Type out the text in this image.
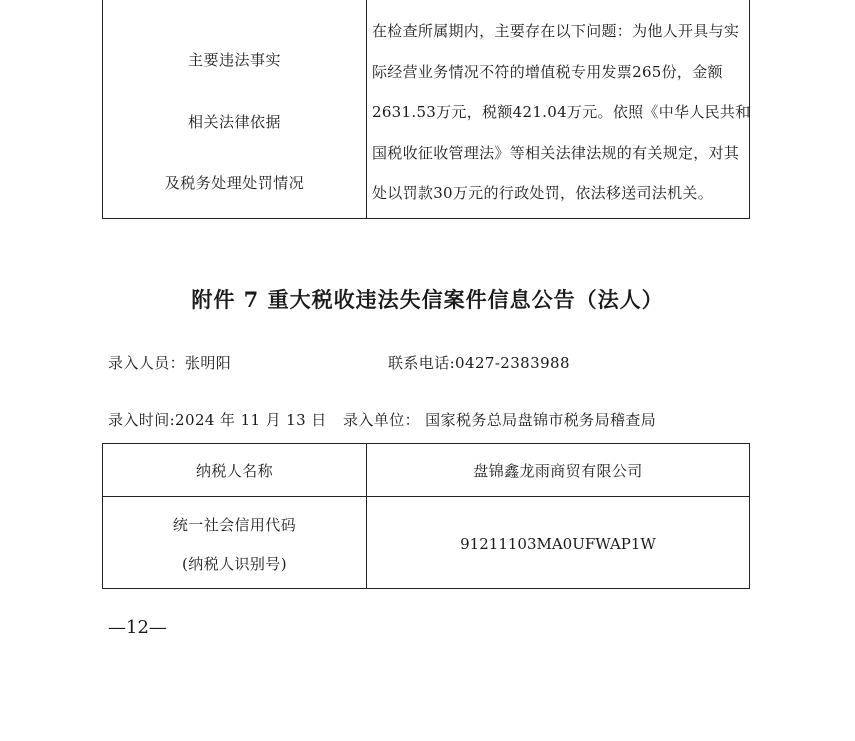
主要违法事实
相关法律依据
及税务处理处罚情况
在检查所属期内，主要存在以下问题：为他人开具与实
际经营业务情况不符的增值税专用发票265份，金额
2631.53万元，税额421.04万元。依照《中华人民共和
国税收征收管理法》等相关法律法规的有关规定，对其
处以罚款30万元的行政处罚，依法移送司法机关。
附件 7 重大税收违法失信案件信息公告（法人）
录入人员：张明阳	联系电话:0427-2383988
录入时间:2024 年 11 月 13 日 录入单位： 国家税务总局盘锦市税务局稽查局
纳税人名称	盘锦鑫龙雨商贸有限公司
统一社会信用代码
(纳税人识别号)
91211103MA0UFWAP1W
—12—
